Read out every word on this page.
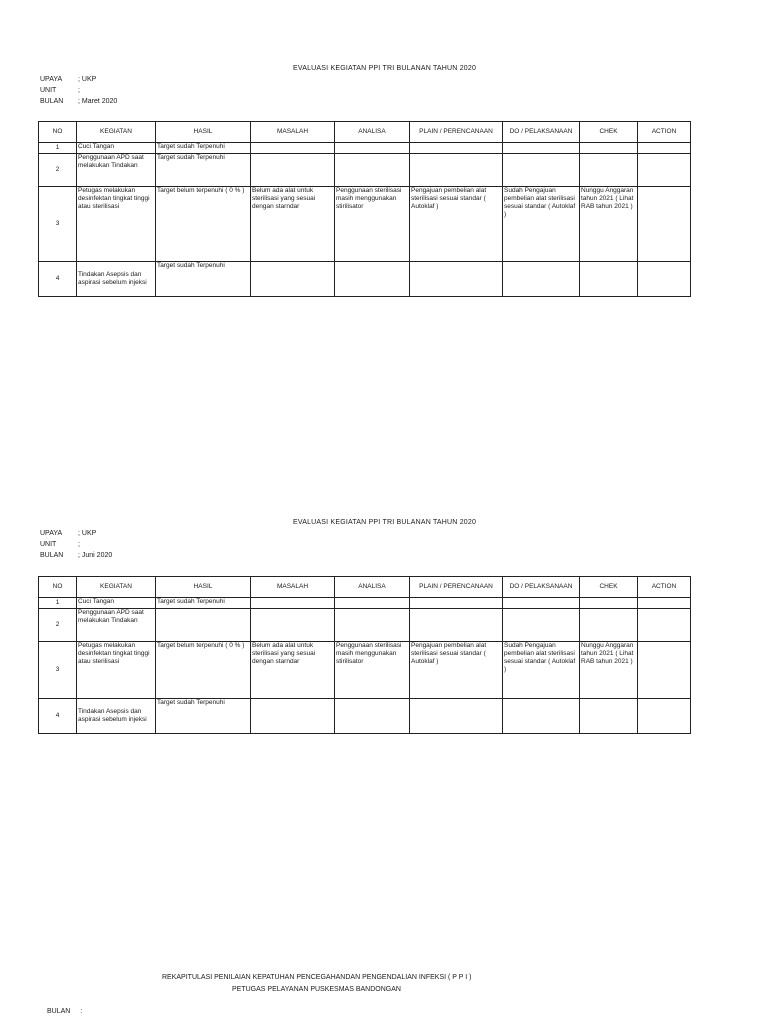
EVALUASI KEGIATAN PPI TRI BULANAN TAHUN 2020
UPAYA ; UKP
UNIT	;
BULAN ; Maret 2020
NO	KEGIATAN	HASIL	MASALAH	ANALISA	PLAIN / PERENCANAAN	DO / PELAKSANAAN	CHEK	ACTION
1	Cuci Tangan	Target sudah Terpenuhi						
2	Penggunaan APD saat melakukan Tindakan	Target sudah Terpenuhi						
3	Petugas melakukan desinfektan tingkat tinggi atau sterilisasi	Target belum terpenuhi ( 0 % )	Belum ada alat untuk sterilisasi yang sesuai dengan starndar	Penggunaan sterilisasi masih menggunakan stirilisator	Pengajuan pembelian alat sterilisasi sesuai standar ( Autoklaf )	Sudah Pengajuan pembelian alat sterilisasi sesuai standar ( Autoklaf )	Nunggu Anggaran tahun 2021 ( Lihat RAB tahun 2021 )	
4	Tindakan Asepsis dan aspirasi sebelum injeksi	Target sudah Terpenuhi						
EVALUASI KEGIATAN PPI TRI BULANAN TAHUN 2020
UPAYA ; UKP
UNIT	;
BULAN ; Juni 2020
NO	KEGIATAN	HASIL	MASALAH	ANALISA	PLAIN / PERENCANAAN	DO / PELAKSANAAN	CHEK	ACTION
1	Cuci Tangan	Target sudah Terpenuhi						
2	Penggunaan APD saat melakukan Tindakan							
3	Petugas melakukan desinfektan tingkat tinggi atau sterilisasi	Target belum terpenuhi ( 0 % )	Belum ada alat untuk sterilisasi yang sesuai dengan starndar	Penggunaan sterilisasi masih menggunakan stirilisator	Pengajuan pembelian alat sterilisasi sesuai standar ( Autoklaf )	Sudah Pengajuan pembelian alat sterilisasi sesuai standar ( Autoklaf )	Nunggu Anggaran tahun 2021 ( Lihat RAB tahun 2021 )	
4	Tindakan Asepsis dan aspirasi sebelum injeksi	Target sudah Terpenuhi						
REKAPITULASI PENILAIAN KEPATUHAN PENCEGAHANDAN PENGENDALIAN INFEKSI ( P P I )
PETUGAS PELAYANAN PUSKESMAS BANDONGAN
BULAN :
